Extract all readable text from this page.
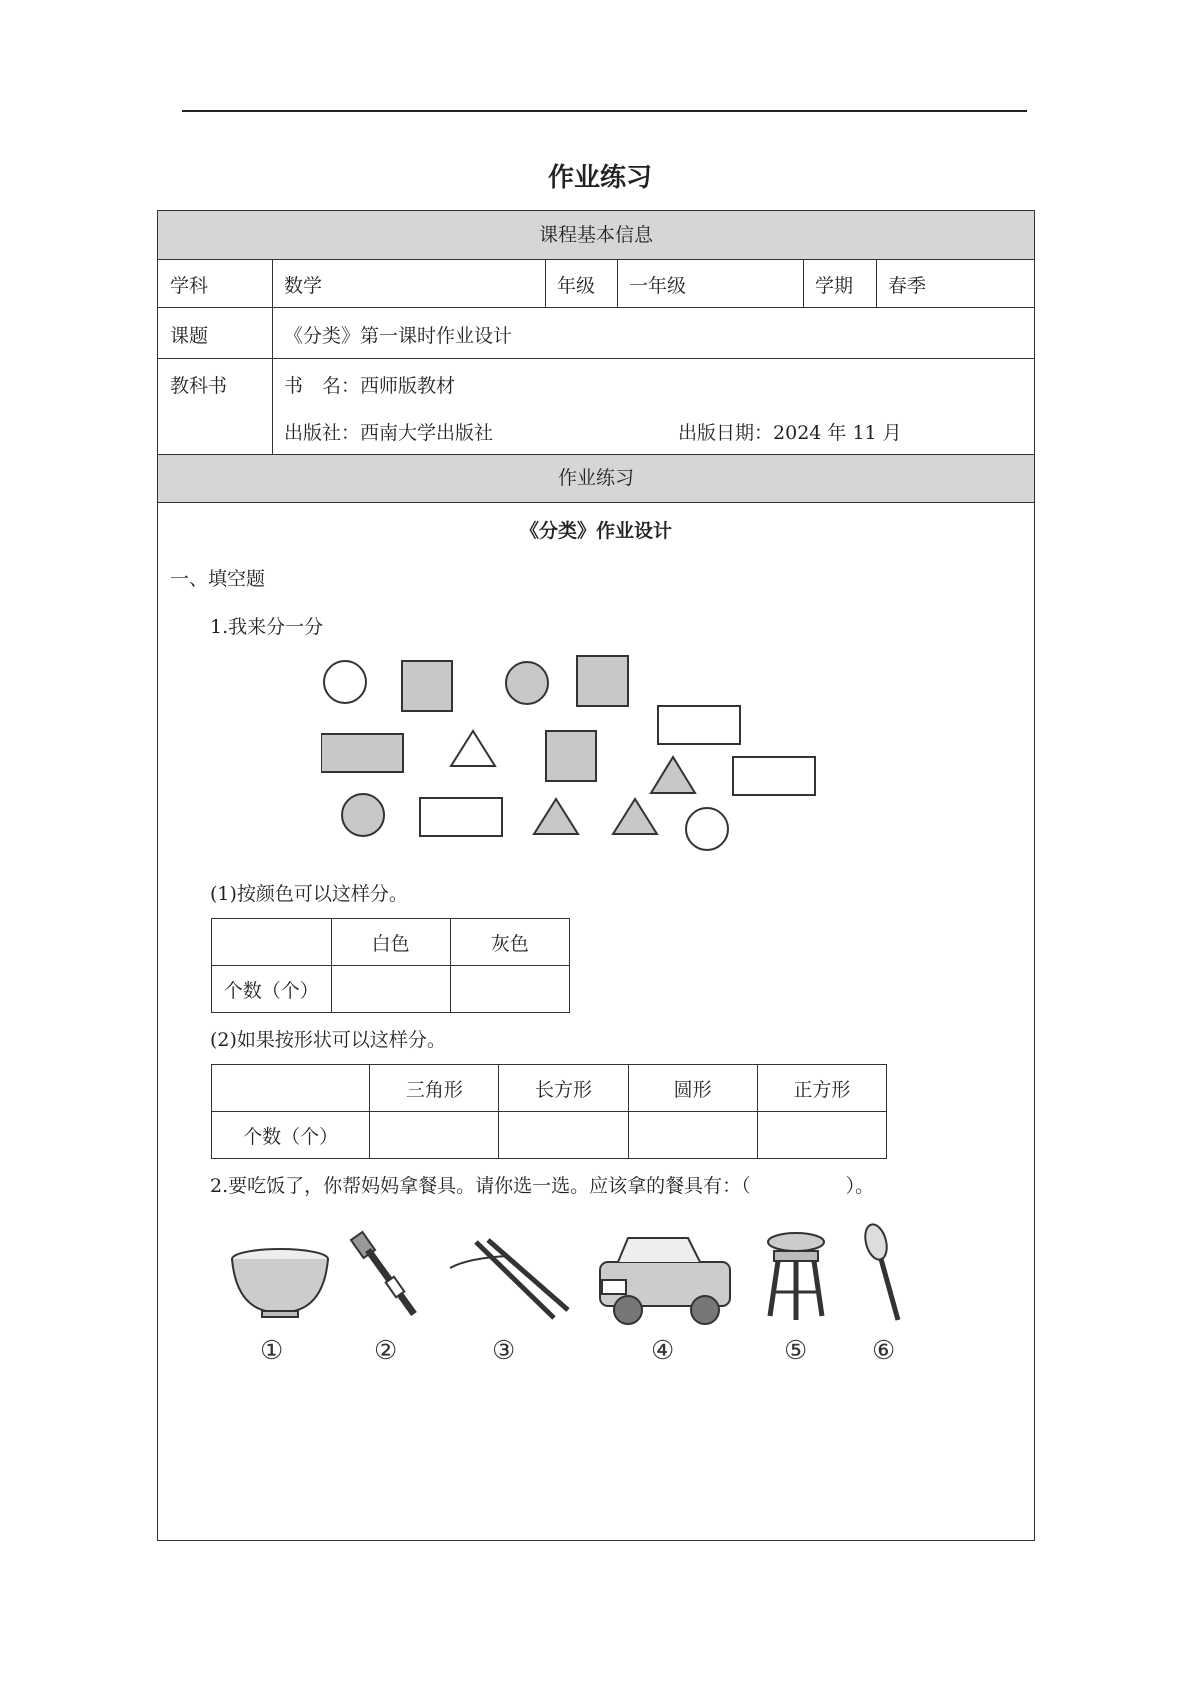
作业练习
课程基本信息
学科	数学	年级 一年级	学期 春季
课题	《分类》第一课时作业设计
教科书	书　名：西师版教材
出版社：西南大学出版社	出版日期：2024 年 11 月
作业练习
《分类》作业设计
一、填空题
1.我来分一分
(1)按颜色可以这样分。
	白色	灰色
个数（个）		
(2)如果按形状可以这样分。
	三角形	长方形	圆形	正方形
个数（个）				
2.要吃饭了，你帮妈妈拿餐具。请你选一选。应该拿的餐具有：（　　　　　）。
①	②	③	④	⑤ ⑥
